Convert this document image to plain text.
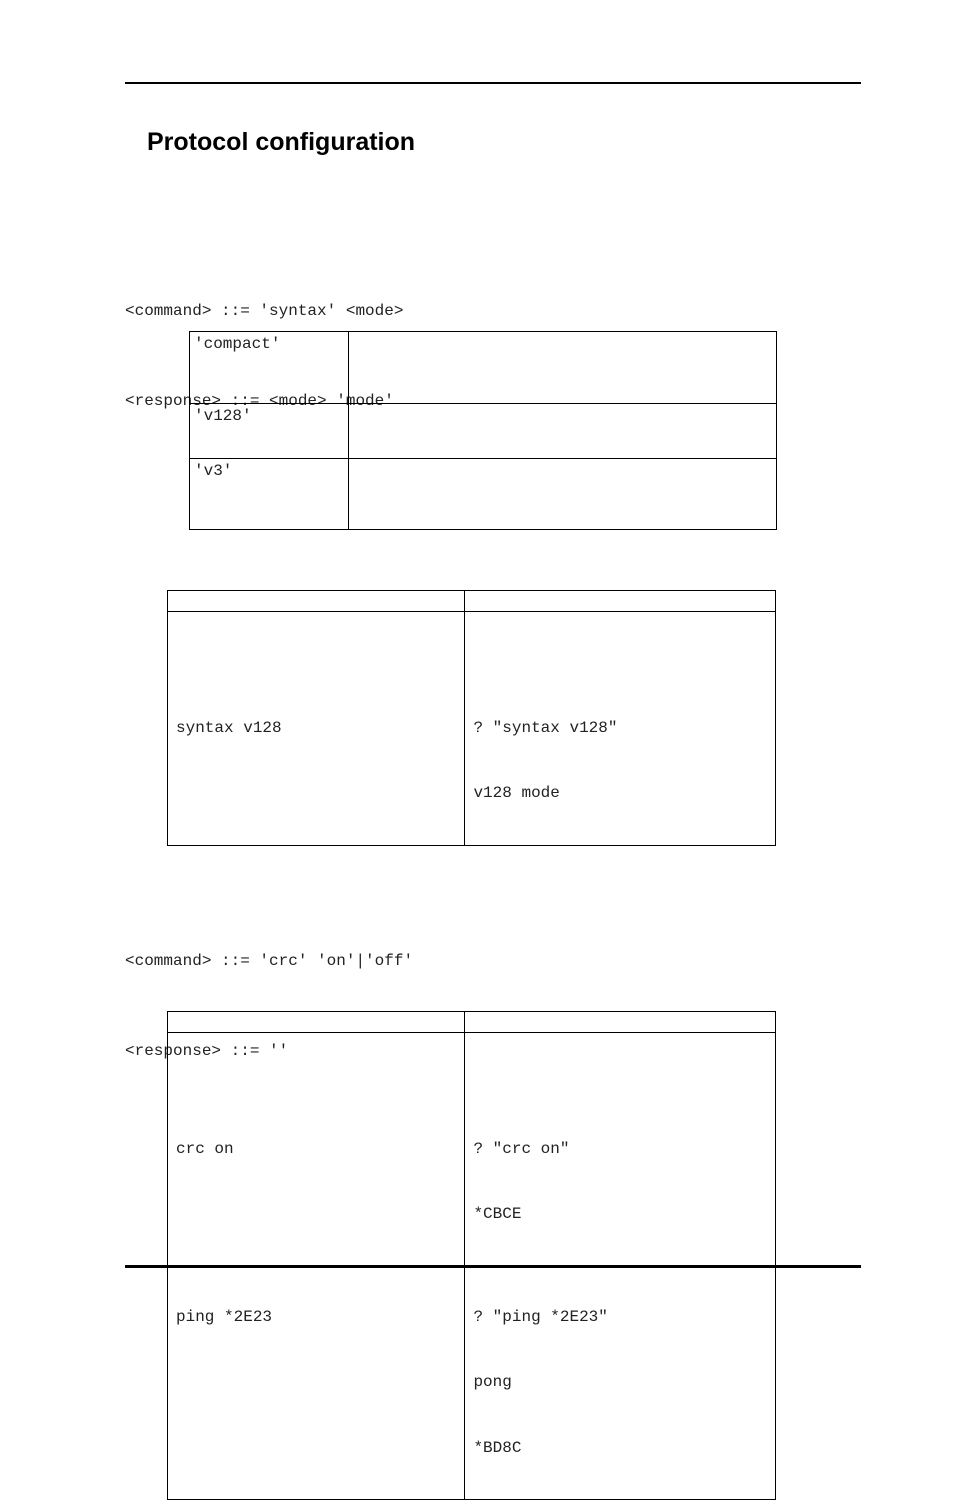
Protocol configuration

<command> ::= 'syntax' <mode>

<response> ::= <mode> 'mode'

'compact'	
'v128'	
'v3'	

syntax v128	? "syntax v128"

v128 mode

<command> ::= 'crc' 'on'|'off'

<response> ::= ''

crc on	? "crc on"

*CBCE

ping *2E23	? "ping *2E23"

pong

*BD8C
